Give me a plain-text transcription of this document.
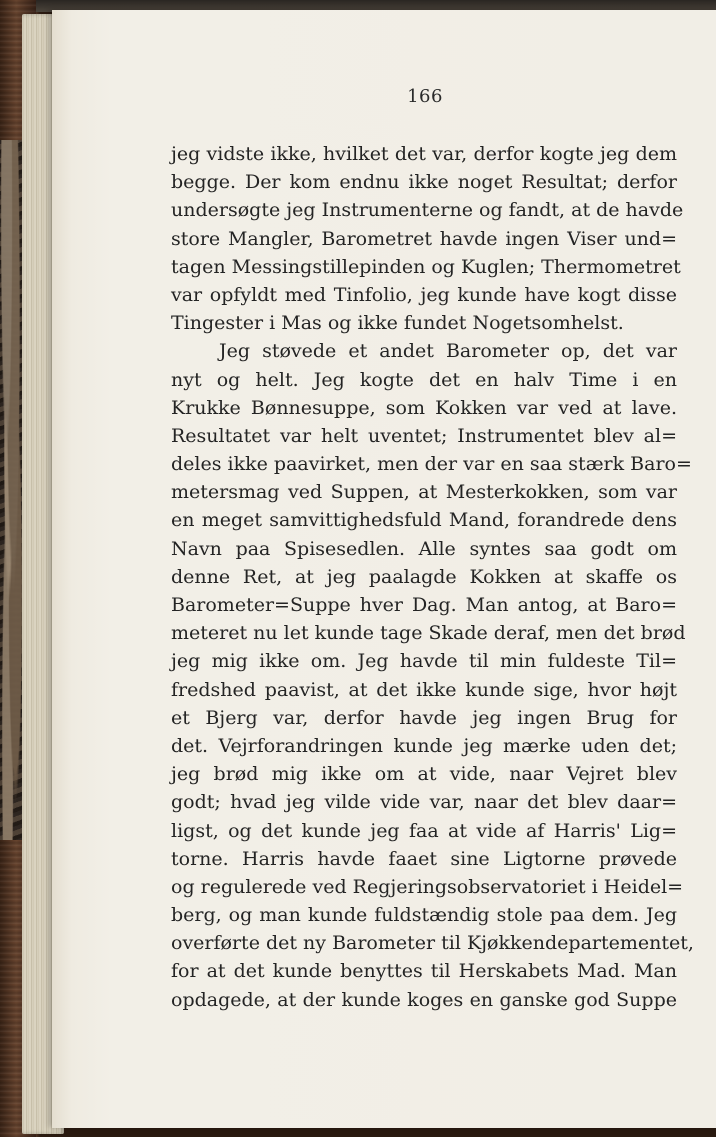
166
jeg vidste ikke, hvilket det var, derfor kogte jeg dem
begge. Der kom endnu ikke noget Resultat; derfor
undersøgte jeg Instrumenterne og fandt, at de havde
store Mangler, Barometret havde ingen Viser und=
tagen Messingstillepinden og Kuglen; Thermometret
var opfyldt med Tinfolio, jeg kunde have kogt disse
Tingester i Mas og ikke fundet Nogetsomhelst.
Jeg støvede et andet Barometer op, det var
nyt og helt. Jeg kogte det en halv Time i en
Krukke Bønnesuppe, som Kokken var ved at lave.
Resultatet var helt uventet; Instrumentet blev al=
deles ikke paavirket, men der var en saa stærk Baro=
metersmag ved Suppen, at Mesterkokken, som var
en meget samvittighedsfuld Mand, forandrede dens
Navn paa Spisesedlen. Alle syntes saa godt om
denne Ret, at jeg paalagde Kokken at skaffe os
Barometer=Suppe hver Dag. Man antog, at Baro=
meteret nu let kunde tage Skade deraf, men det brød
jeg mig ikke om. Jeg havde til min fuldeste Til=
fredshed paavist, at det ikke kunde sige, hvor højt
et Bjerg var, derfor havde jeg ingen Brug for
det. Vejrforandringen kunde jeg mærke uden det;
jeg brød mig ikke om at vide, naar Vejret blev
godt; hvad jeg vilde vide var, naar det blev daar=
ligst, og det kunde jeg faa at vide af Harris' Lig=
torne. Harris havde faaet sine Ligtorne prøvede
og regulerede ved Regjeringsobservatoriet i Heidel=
berg, og man kunde fuldstændig stole paa dem. Jeg
overførte det ny Barometer til Kjøkkendepartementet,
for at det kunde benyttes til Herskabets Mad. Man
opdagede, at der kunde koges en ganske god Suppe
